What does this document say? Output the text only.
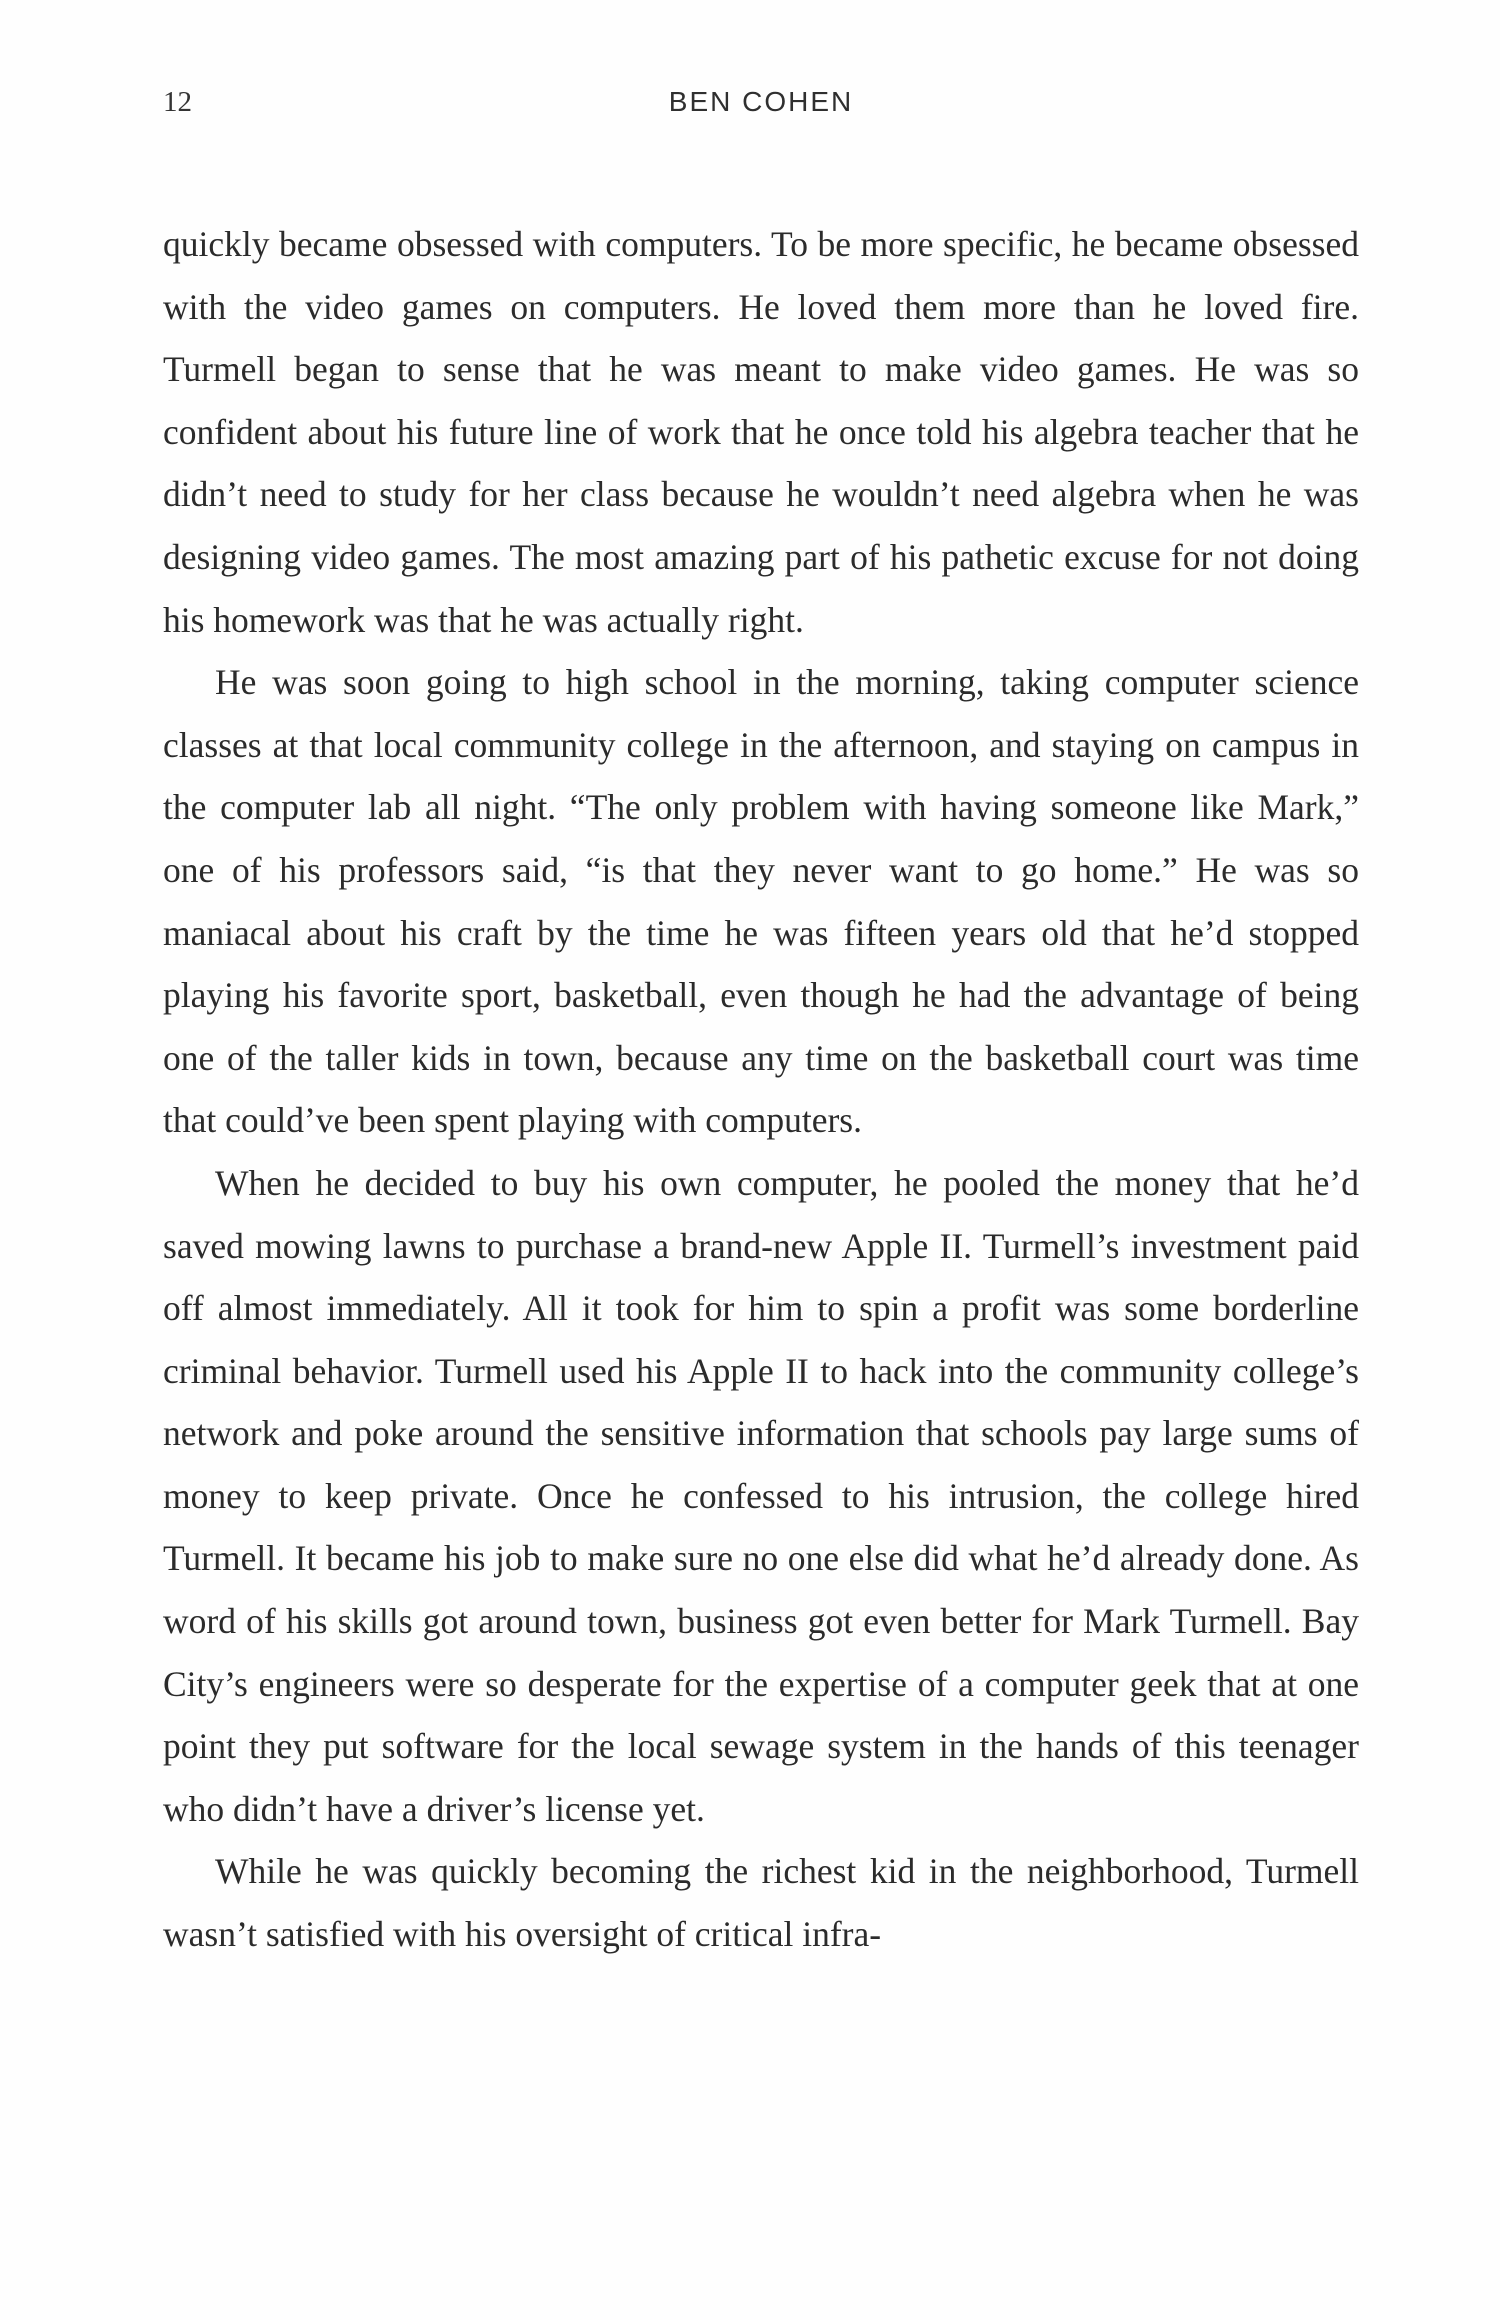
12	BEN COHEN

quickly became obsessed with computers. To be more specific, he became obsessed with the video games on computers. He loved them more than he loved fire. Turmell began to sense that he was meant to make video games. He was so confident about his future line of work that he once told his algebra teacher that he didn’t need to study for her class because he wouldn’t need algebra when he was designing video games. The most amazing part of his pathetic excuse for not doing his homework was that he was actually right.

He was soon going to high school in the morning, taking computer science classes at that local community college in the afternoon, and staying on campus in the computer lab all night. “The only problem with having someone like Mark,” one of his professors said, “is that they never want to go home.” He was so maniacal about his craft by the time he was fifteen years old that he’d stopped playing his favorite sport, basketball, even though he had the advantage of being one of the taller kids in town, because any time on the basketball court was time that could’ve been spent playing with computers.

When he decided to buy his own computer, he pooled the money that he’d saved mowing lawns to purchase a brand-new Apple II. Turmell’s investment paid off almost immediately. All it took for him to spin a profit was some borderline criminal behavior. Turmell used his Apple II to hack into the community college’s network and poke around the sensitive information that schools pay large sums of money to keep private. Once he confessed to his intrusion, the college hired Turmell. It became his job to make sure no one else did what he’d already done. As word of his skills got around town, business got even better for Mark Turmell. Bay City’s engineers were so desperate for the expertise of a computer geek that at one point they put software for the local sewage system in the hands of this teenager who didn’t have a driver’s license yet.

While he was quickly becoming the richest kid in the neighborhood, Turmell wasn’t satisfied with his oversight of critical infra-
